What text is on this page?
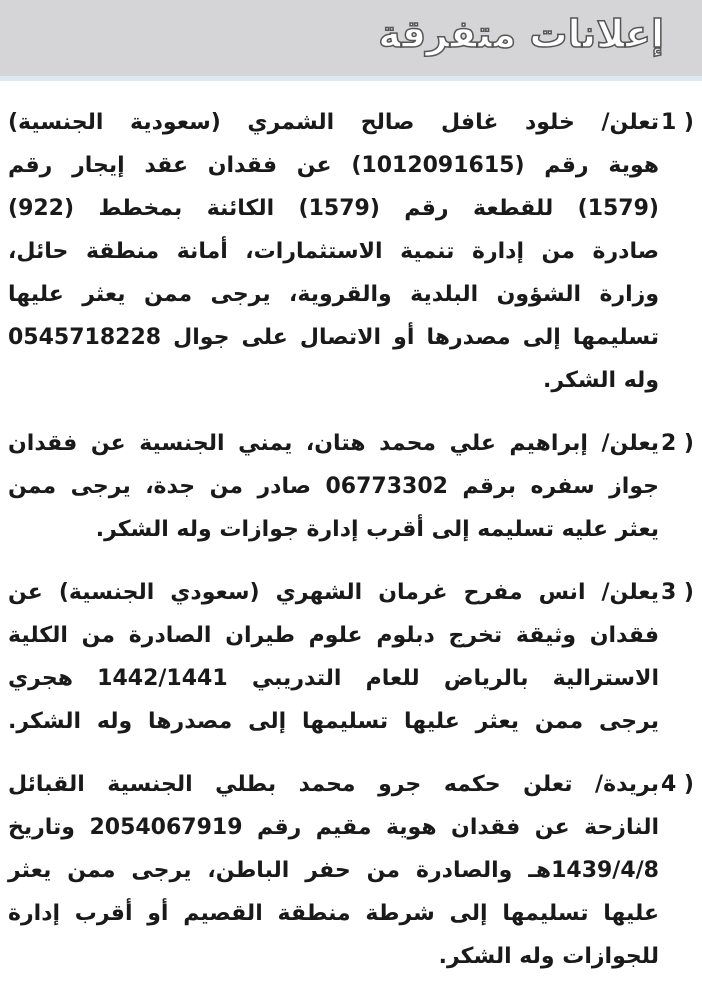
إعلانات متفرقة
1 )
تعلن/ خلود غافل صالح الشمري (سعودية الجنسية)
هوية رقم (1012091615) عن فقدان عقد إيجار رقم
(1579) للقطعة رقم (1579) الكائنة بمخطط (922)
صادرة من إدارة تنمية الاستثمارات، أمانة منطقة حائل،
وزارة الشؤون البلدية والقروية، يرجى ممن يعثر عليها
تسليمها إلى مصدرها أو الاتصال على جوال 0545718228
وله الشكر.
2 )
يعلن/ إبراهيم علي محمد هتان، يمني الجنسية عن فقدان
جواز سفره برقم 06773302 صادر من جدة، يرجى ممن
يعثر عليه تسليمه إلى أقرب إدارة جوازات وله الشكر.
3 )
يعلن/ انس مفرح غرمان الشهري (سعودي الجنسية) عن
فقدان وثيقة تخرج دبلوم علوم طيران الصادرة من الكلية
الاسترالية بالرياض للعام التدريبي 1442/1441 هجري
يرجى ممن يعثر عليها تسليمها إلى مصدرها وله الشكر.
4 )
بريدة/ تعلن حكمه جرو محمد بطلي الجنسية القبائل
النازحة عن فقدان هوية مقيم رقم 2054067919 وتاريخ
1439/4/8هـ والصادرة من حفر الباطن، يرجى ممن يعثر
عليها تسليمها إلى شرطة منطقة القصيم أو أقرب إدارة
للجوازات وله الشكر.
